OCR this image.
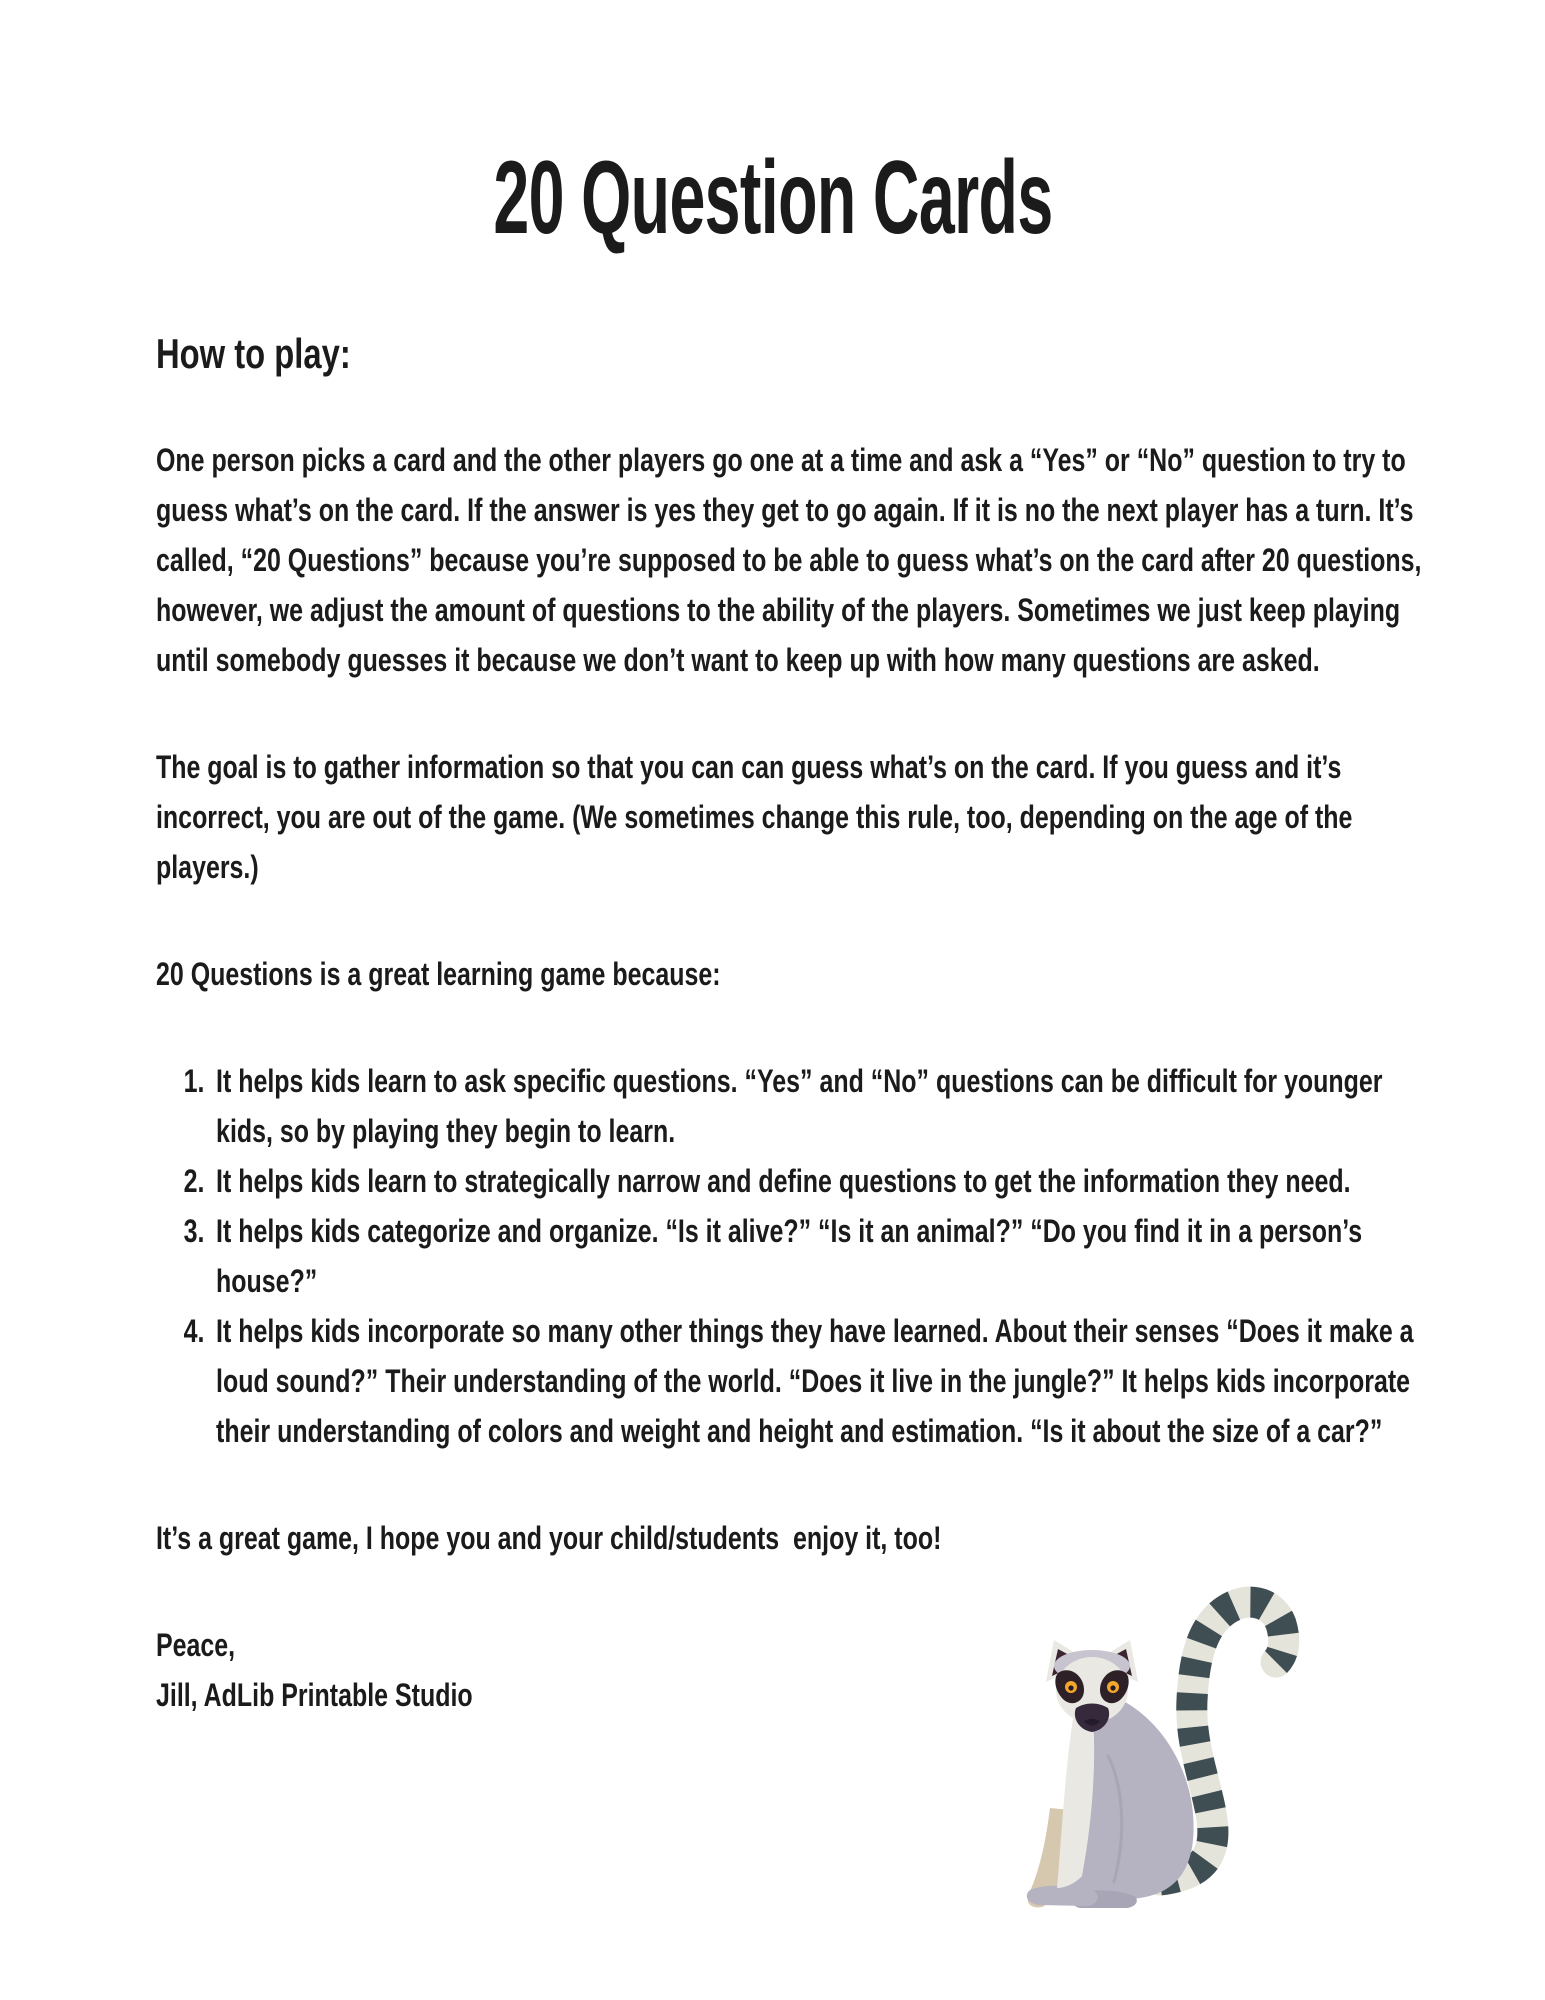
20 Question Cards
How to play:

One person picks a card and the other players go one at a time and ask a “Yes” or “No” question to try to guess what’s on the card. If the answer is yes they get to go again. If it is no the next player has a turn. It’s called, “20 Questions” because you’re supposed to be able to guess what’s on the card after 20 questions, however, we adjust the amount of questions to the ability of the players. Sometimes we just keep playing until somebody guesses it because we don’t want to keep up with how many questions are asked.

The goal is to gather information so that you can can guess what’s on the card. If you guess and it’s incorrect, you are out of the game. (We sometimes change this rule, too, depending on the age of the players.)

20 Questions is a great learning game because:

1. It helps kids learn to ask specific questions. “Yes” and “No” questions can be difficult for younger kids, so by playing they begin to learn.
2. It helps kids learn to strategically narrow and define questions to get the information they need.
3. It helps kids categorize and organize. “Is it alive?” “Is it an animal?” “Do you find it in a person’s house?”
4. It helps kids incorporate so many other things they have learned. About their senses “Does it make a loud sound?” Their understanding of the world. “Does it live in the jungle?” It helps kids incorporate their understanding of colors and weight and height and estimation. “Is it about the size of a car?”

It’s a great game, I hope you and your child/students  enjoy it, too!

Peace,

Jill, AdLib Printable Studio
